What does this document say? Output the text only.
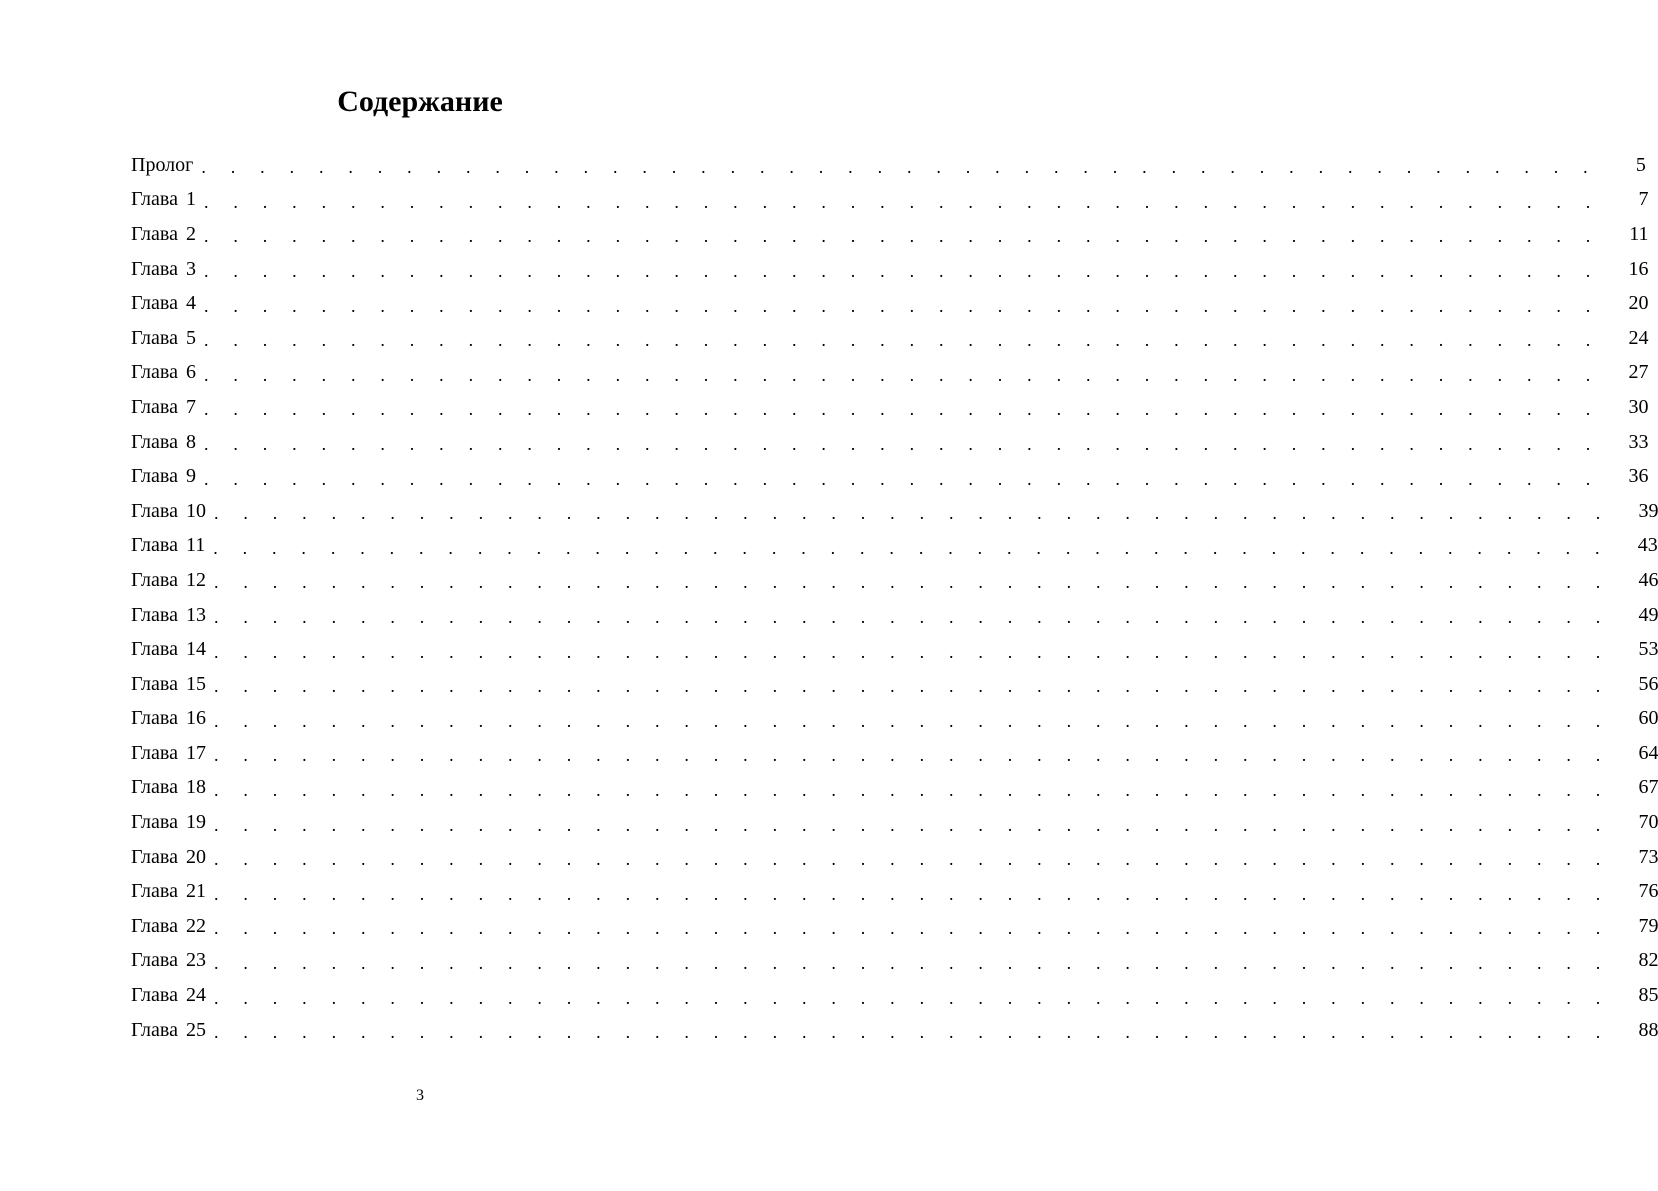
Содержание
Пролог . . . . . . . . . . . . . . . . . . . . . . . . . . . . . . . . . . . . . . . . . . . . . . . .	5
Глава 1 . . . . . . . . . . . . . . . . . . . . . . . . . . . . . . . . . . . . . . . . . . . . . . . .	7
Глава 2 . . . . . . . . . . . . . . . . . . . . . . . . . . . . . . . . . . . . . . . . . . . . . . . .	11
Глава 3 . . . . . . . . . . . . . . . . . . . . . . . . . . . . . . . . . . . . . . . . . . . . . . . .	16
Глава 4 . . . . . . . . . . . . . . . . . . . . . . . . . . . . . . . . . . . . . . . . . . . . . . . .	20
Глава 5 . . . . . . . . . . . . . . . . . . . . . . . . . . . . . . . . . . . . . . . . . . . . . . . .	24
Глава 6 . . . . . . . . . . . . . . . . . . . . . . . . . . . . . . . . . . . . . . . . . . . . . . . .	27
Глава 7 . . . . . . . . . . . . . . . . . . . . . . . . . . . . . . . . . . . . . . . . . . . . . . . .	30
Глава 8 . . . . . . . . . . . . . . . . . . . . . . . . . . . . . . . . . . . . . . . . . . . . . . . .	33
Глава 9 . . . . . . . . . . . . . . . . . . . . . . . . . . . . . . . . . . . . . . . . . . . . . . . .	36
Глава 10 . . . . . . . . . . . . . . . . . . . . . . . . . . . . . . . . . . . . . . . . . . . . . . . .	39
Глава 11 . . . . . . . . . . . . . . . . . . . . . . . . . . . . . . . . . . . . . . . . . . . . . . . .	43
Глава 12 . . . . . . . . . . . . . . . . . . . . . . . . . . . . . . . . . . . . . . . . . . . . . . . .	46
Глава 13 . . . . . . . . . . . . . . . . . . . . . . . . . . . . . . . . . . . . . . . . . . . . . . . .	49
Глава 14 . . . . . . . . . . . . . . . . . . . . . . . . . . . . . . . . . . . . . . . . . . . . . . . .	53
Глава 15 . . . . . . . . . . . . . . . . . . . . . . . . . . . . . . . . . . . . . . . . . . . . . . . .	56
Глава 16 . . . . . . . . . . . . . . . . . . . . . . . . . . . . . . . . . . . . . . . . . . . . . . . .	60
Глава 17 . . . . . . . . . . . . . . . . . . . . . . . . . . . . . . . . . . . . . . . . . . . . . . . .	64
Глава 18 . . . . . . . . . . . . . . . . . . . . . . . . . . . . . . . . . . . . . . . . . . . . . . . .	67
Глава 19 . . . . . . . . . . . . . . . . . . . . . . . . . . . . . . . . . . . . . . . . . . . . . . . .	70
Глава 20 . . . . . . . . . . . . . . . . . . . . . . . . . . . . . . . . . . . . . . . . . . . . . . . .	73
Глава 21 . . . . . . . . . . . . . . . . . . . . . . . . . . . . . . . . . . . . . . . . . . . . . . . .	76
Глава 22 . . . . . . . . . . . . . . . . . . . . . . . . . . . . . . . . . . . . . . . . . . . . . . . .	79
Глава 23 . . . . . . . . . . . . . . . . . . . . . . . . . . . . . . . . . . . . . . . . . . . . . . . .	82
Глава 24 . . . . . . . . . . . . . . . . . . . . . . . . . . . . . . . . . . . . . . . . . . . . . . . .	85
Глава 25 . . . . . . . . . . . . . . . . . . . . . . . . . . . . . . . . . . . . . . . . . . . . . . . .	88
3
